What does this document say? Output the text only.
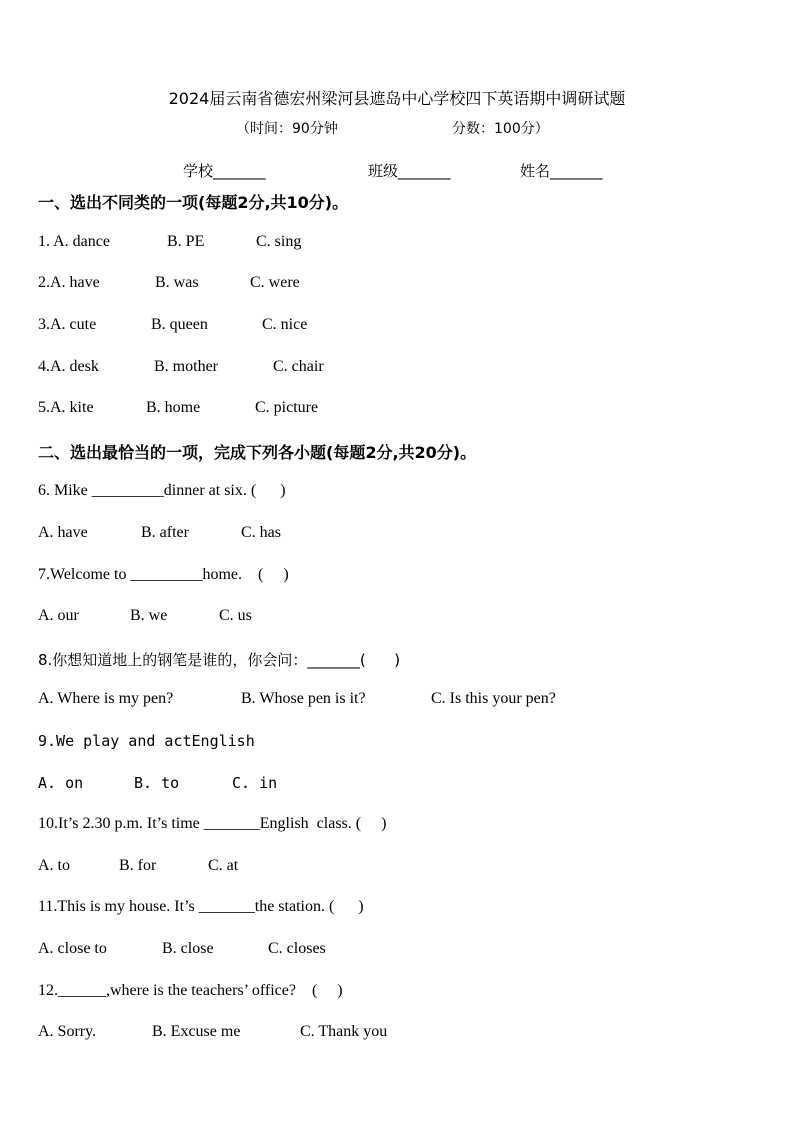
2024届云南省德宏州梁河县遮岛中心学校四下英语期中调研试题
（时间：90分钟	分数：100分）
学校_______	班级_______	姓名_______
一、选出不同类的一项(每题2分,共10分)。
1. A. dance	B. PE	C. sing
2.A. have	B. was	C. were
3.A. cute	B. queen	C. nice
4.A. desk	B. mother	C. chair
5.A. kite	B. home	C. picture
二、选出最恰当的一项，完成下列各小题(每题2分,共20分)。
6. Mike _________dinner at six. (      )
A. have	B. after	C. has
7.Welcome to _________home.    (     )
A. our	B. we	C. us
8.你想知道地上的钢笔是谁的，你会问：_______(      )
A. Where is my pen?	B. Whose pen is it?	C. Is this your pen?
9.We play and actEnglish
A. on	B. to	C. in
10.It’s 2.30 p.m. It’s time _______English  class. (     )
A. to	B. for	C. at
11.This is my house. It’s _______the station. (      )
A. close to	B. close	C. closes
12.______,where is the teachers’ office?    (     )
A. Sorry.	B. Excuse me	C. Thank you
